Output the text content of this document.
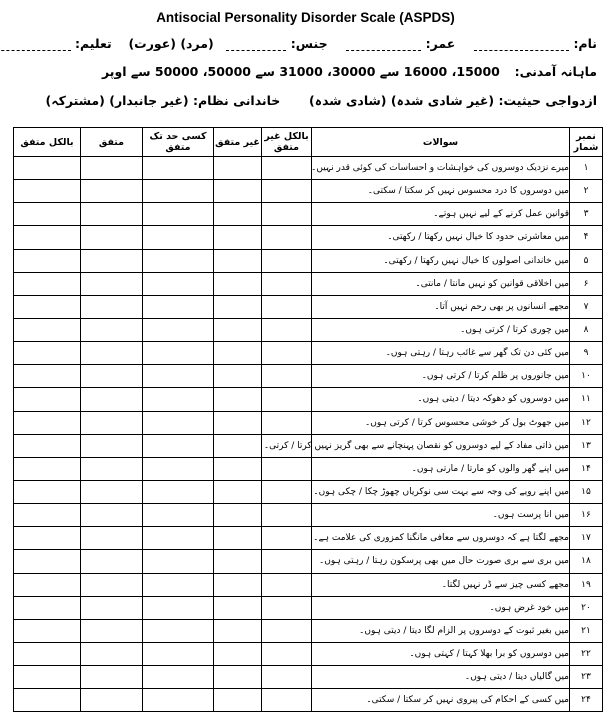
Antisocial Personality Disorder Scale (ASPDS)
نام:   عمر:   جنس:   (مرد) (عورت)  تعلیم:
ماہانہ آمدنی:  15000، 16000 سے 30000، 31000 سے 50000، 50000 سے اوپر
ازدواجی حیثیت: (غیر شادی شدہ) (شادی شدہ)  خاندانی نظام: (غیر جانبدار) (مشترکہ)
نمبر شمار	سوالات	بالکل غیر متفق	غیر متفق	کسی حد تک متفق	متفق	بالکل متفق
۱	میرے نزدیک دوسروں کی خواہشات و احساسات کی کوئی قدر نہیں۔					
۲	میں دوسروں کا درد محسوس نہیں کر سکتا / سکتی۔					
۳	قوانین عمل کرنے کے لیے نہیں ہوتے۔					
۴	میں معاشرتی حدود کا خیال نہیں رکھتا / رکھتی۔					
۵	میں خاندانی اصولوں کا خیال نہیں رکھتا / رکھتی۔					
۶	میں اخلاقی قوانین کو نہیں مانتا / مانتی۔					
۷	مجھے انسانوں پر بھی رحم نہیں آتا۔					
۸	میں چوری کرتا / کرتی ہوں۔					
۹	میں کئی دن تک گھر سے غائب رہتا / رہتی ہوں۔					
۱۰	میں جانوروں پر ظلم کرتا / کرتی ہوں۔					
۱۱	میں دوسروں کو دھوکہ دیتا / دیتی ہوں۔					
۱۲	میں جھوٹ بول کر خوشی محسوس کرتا / کرتی ہوں۔					
۱۳	میں ذاتی مفاد کے لیے دوسروں کو نقصان پہنچانے سے بھی گریز نہیں کرتا / کرتی۔					
۱۴	میں اپنے گھر والوں کو مارتا / مارتی ہوں۔					
۱۵	میں اپنے رویے کی وجہ سے بہت سی نوکریاں چھوڑ چکا / چکی ہوں۔					
۱۶	میں انا پرست ہوں۔					
۱۷	مجھے لگتا ہے کہ دوسروں سے معافی مانگنا کمزوری کی علامت ہے۔					
۱۸	میں بری سے بری صورت حال میں بھی پرسکون رہتا / رہتی ہوں۔					
۱۹	مجھے کسی چیز سے ڈر نہیں لگتا۔					
۲۰	میں خود غرض ہوں۔					
۲۱	میں بغیر ثبوت کے دوسروں پر الزام لگا دیتا / دیتی ہوں۔					
۲۲	میں دوسروں کو برا بھلا کہتا / کہتی ہوں۔					
۲۳	میں گالیاں دیتا / دیتی ہوں۔					
۲۴	میں کسی کے احکام کی پیروی نہیں کر سکتا / سکتی۔					
